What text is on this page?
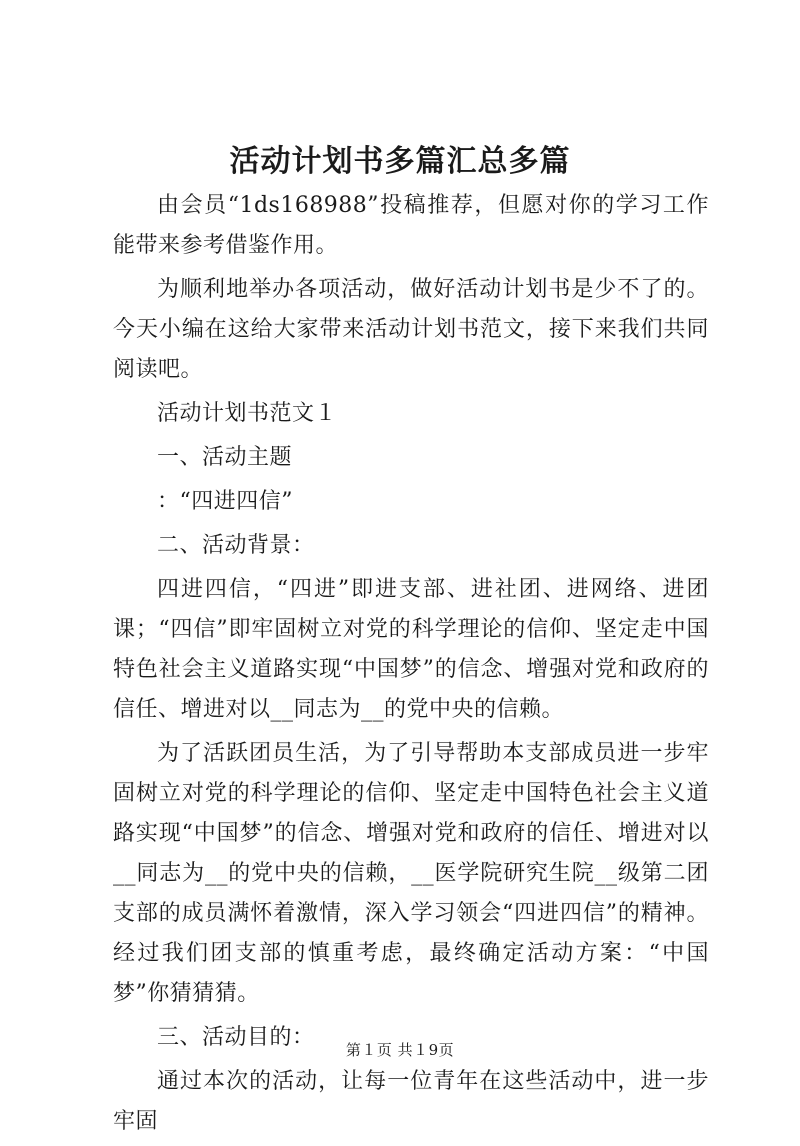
活动计划书多篇汇总多篇

由会员“1ds168988”投稿推荐，但愿对你的学习工作能带来参考借鉴作用。

为顺利地举办各项活动，做好活动计划书是少不了的。今天小编在这给大家带来活动计划书范文，接下来我们共同阅读吧。

活动计划书范文１

一、活动主题

：“四进四信”

二、活动背景：

四进四信，“四进”即进支部、进社团、进网络、进团课；“四信”即牢固树立对党的科学理论的信仰、坚定走中国特色社会主义道路实现“中国梦”的信念、增强对党和政府的信任、增进对以__同志为__的党中央的信赖。

为了活跃团员生活，为了引导帮助本支部成员进一步牢固树立对党的科学理论的信仰、坚定走中国特色社会主义道路实现“中国梦”的信念、增强对党和政府的信任、增进对以__同志为__的党中央的信赖，__医学院研究生院__级第二团支部的成员满怀着激情，深入学习领会“四进四信”的精神。经过我们团支部的慎重考虑，最终确定活动方案：“中国梦”你猜猜猜。

三、活动目的：

通过本次的活动，让每一位青年在这些活动中，进一步牢固

第１页 共１9页
